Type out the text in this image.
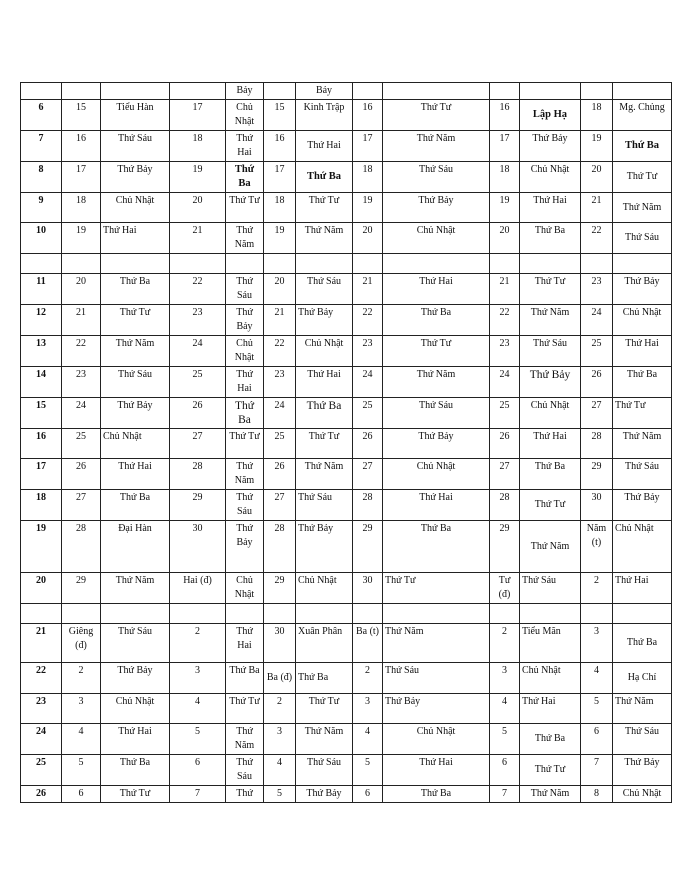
				Bảy		Bảy						
6	15	Tiểu Hàn	17	Chủ Nhật	15	Kinh Trập	16	Thứ Tư	16	Lập Hạ	18	Mg. Chủng
7	16	Thứ Sáu	18	Thứ Hai	16	Thứ Hai	17	Thứ Năm	17	Thứ Bảy	19	Thứ Ba
8	17	Thứ Bảy	19	Thứ Ba	17	Thứ Ba	18	Thứ Sáu	18	Chủ Nhật	20	Thứ Tư
9	18	Chủ Nhật	20	Thứ Tư	18	Thứ Tư	19	Thứ Bảy	19	Thứ Hai	21	Thứ Năm
10	19	Thứ Hai	21	Thứ Năm	19	Thứ Năm	20	Chủ Nhật	20	Thứ Ba	22	Thứ Sáu

11	20	Thứ Ba	22	Thứ Sáu	20	Thứ Sáu	21	Thứ Hai	21	Thứ Tư	23	Thứ Bảy
12	21	Thứ Tư	23	Thứ Bảy	21	Thứ Bảy	22	Thứ Ba	22	Thứ Năm	24	Chủ Nhật
13	22	Thứ Năm	24	Chủ Nhật	22	Chủ Nhật	23	Thứ Tư	23	Thứ Sáu	25	Thứ Hai
14	23	Thứ Sáu	25	Thứ Hai	23	Thứ Hai	24	Thứ Năm	24	Thứ Bảy	26	Thứ Ba
15	24	Thứ Bảy	26	Thứ Ba	24	Thứ Ba	25	Thứ Sáu	25	Chủ Nhật	27	Thứ Tư
16	25	Chủ Nhật	27	Thứ Tư	25	Thứ Tư	26	Thứ Bảy	26	Thứ Hai	28	Thứ Năm
17	26	Thứ Hai	28	Thứ Năm	26	Thứ Năm	27	Chủ Nhật	27	Thứ Ba	29	Thứ Sáu
18	27	Thứ Ba	29	Thứ Sáu	27	Thứ Sáu	28	Thứ Hai	28	Thứ Tư	30	Thứ Bảy
19	28	Đại Hàn	30	Thứ Bảy	28	Thứ Bảy	29	Thứ Ba	29	Thứ Năm	Năm (t)	Chủ Nhật
20	29	Thứ Năm	Hai (đ)	Chủ Nhật	29	Chủ Nhật	30	Thứ Tư	Tư (đ)	Thứ Sáu	2	Thứ Hai

21	Giêng (đ)	Thứ Sáu	2	Thứ Hai	30	Xuân Phân	Ba (t)	Thứ Năm	2	Tiểu Mãn	3	Thứ Ba
22	2	Thứ Bảy	3	Thứ Ba	Ba (đ)	Thứ Ba	2	Thứ Sáu	3	Chủ Nhật	4	Hạ Chí
23	3	Chủ Nhật	4	Thứ Tư	2	Thứ Tư	3	Thứ Bảy	4	Thứ Hai	5	Thứ Năm
24	4	Thứ Hai	5	Thứ Năm	3	Thứ Năm	4	Chủ Nhật	5	Thứ Ba	6	Thứ Sáu
25	5	Thứ Ba	6	Thứ Sáu	4	Thứ Sáu	5	Thứ Hai	6	Thứ Tư	7	Thứ Bảy
26	6	Thứ Tư	7	Thứ	5	Thứ Bảy	6	Thứ Ba	7	Thứ Năm	8	Chủ Nhật
